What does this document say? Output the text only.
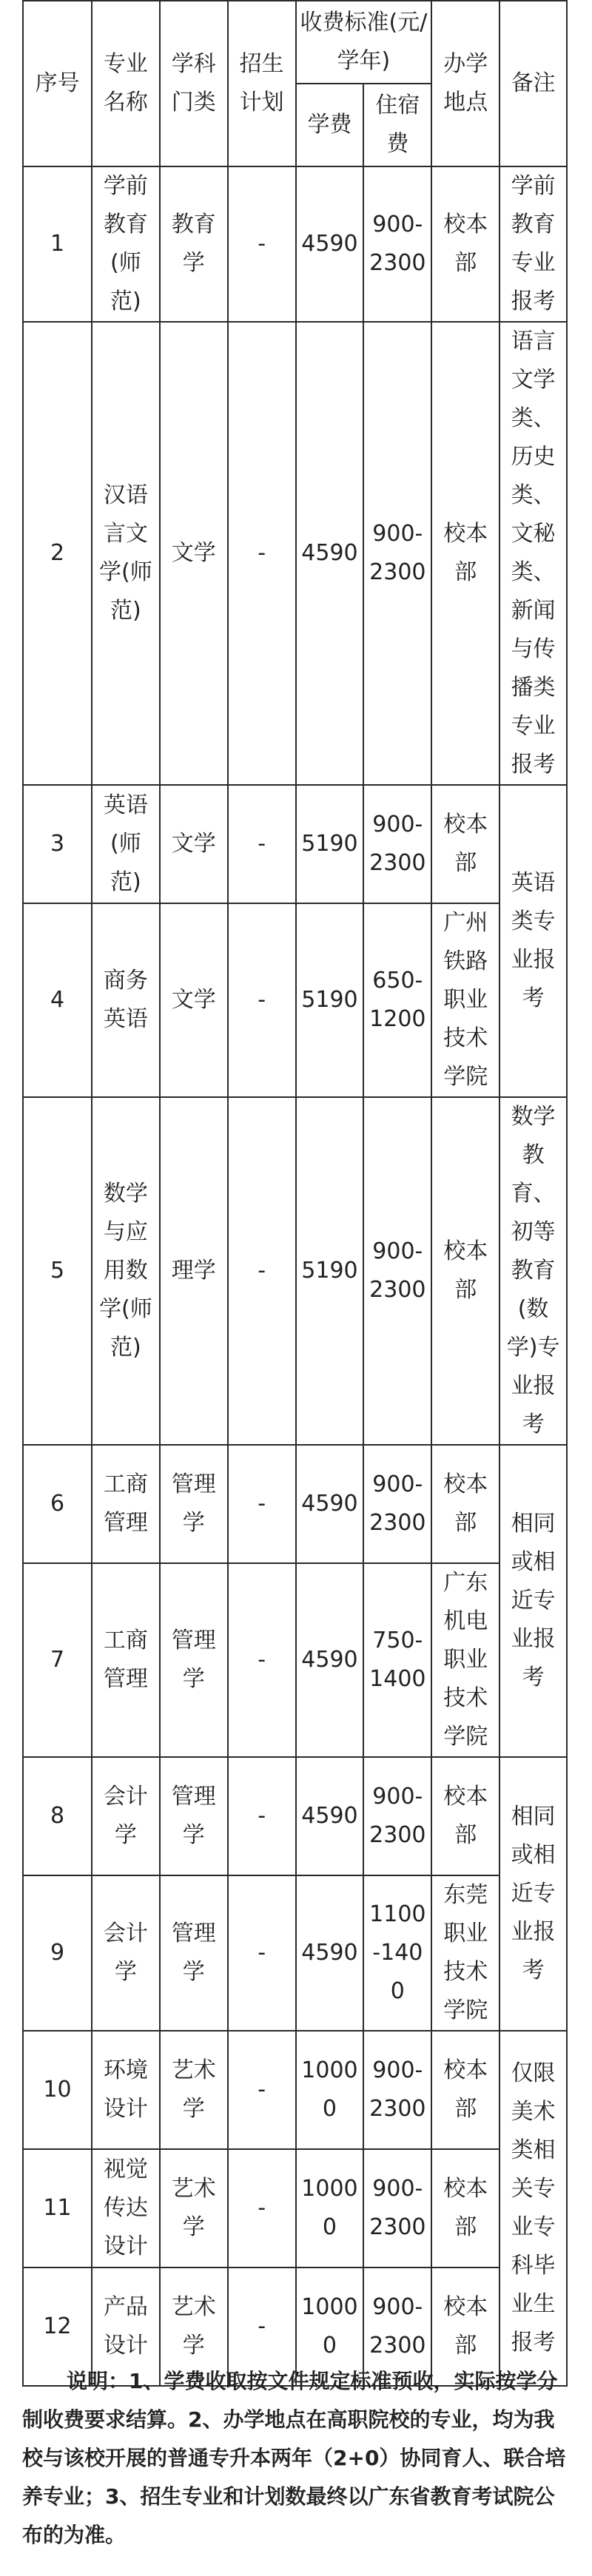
序号	专业名称	学科门类	招生计划	收费标准(元/学年)		办学地点	备注
				学费	住宿费		
1	学前教育(师范)	教育学	-	4590	900-2300	校本部	学前教育专业报考
2	汉语言文学(师范)	文学	-	4590	900-2300	校本部	语言文学类、历史类、文秘类、新闻与传播类专业报考
3	英语(师范)	文学	-	5190	900-2300	校本部	英语类专业报考
4	商务英语	文学	-	5190	650-1200	广州铁路职业技术学院	
5	数学与应用数学(师范)	理学	-	5190	900-2300	校本部	数学教育、初等教育(数学)专业报考
6	工商管理	管理学	-	4590	900-2300	校本部	相同或相近专业报考
7	工商管理	管理学	-	4590	750-1400	广东机电职业技术学院	
8	会计学	管理学	-	4590	900-2300	校本部	相同或相近专业报考
9	会计学	管理学	-	4590	1100-1400	东莞职业技术学院	
10	环境设计	艺术学	-	10000	900-2300	校本部	仅限美术类相关专业专科毕业生报考
11	视觉传达设计	艺术学	-	10000	900-2300	校本部	
12	产品设计	艺术学	-	10000	900-2300	校本部	

说明：1、学费收取按文件规定标准预收，实际按学分制收费要求结算。2、办学地点在高职院校的专业，均为我校与该校开展的普通专升本两年（2+0）协同育人、联合培养专业；3、招生专业和计划数最终以广东省教育考试院公布的为准。
